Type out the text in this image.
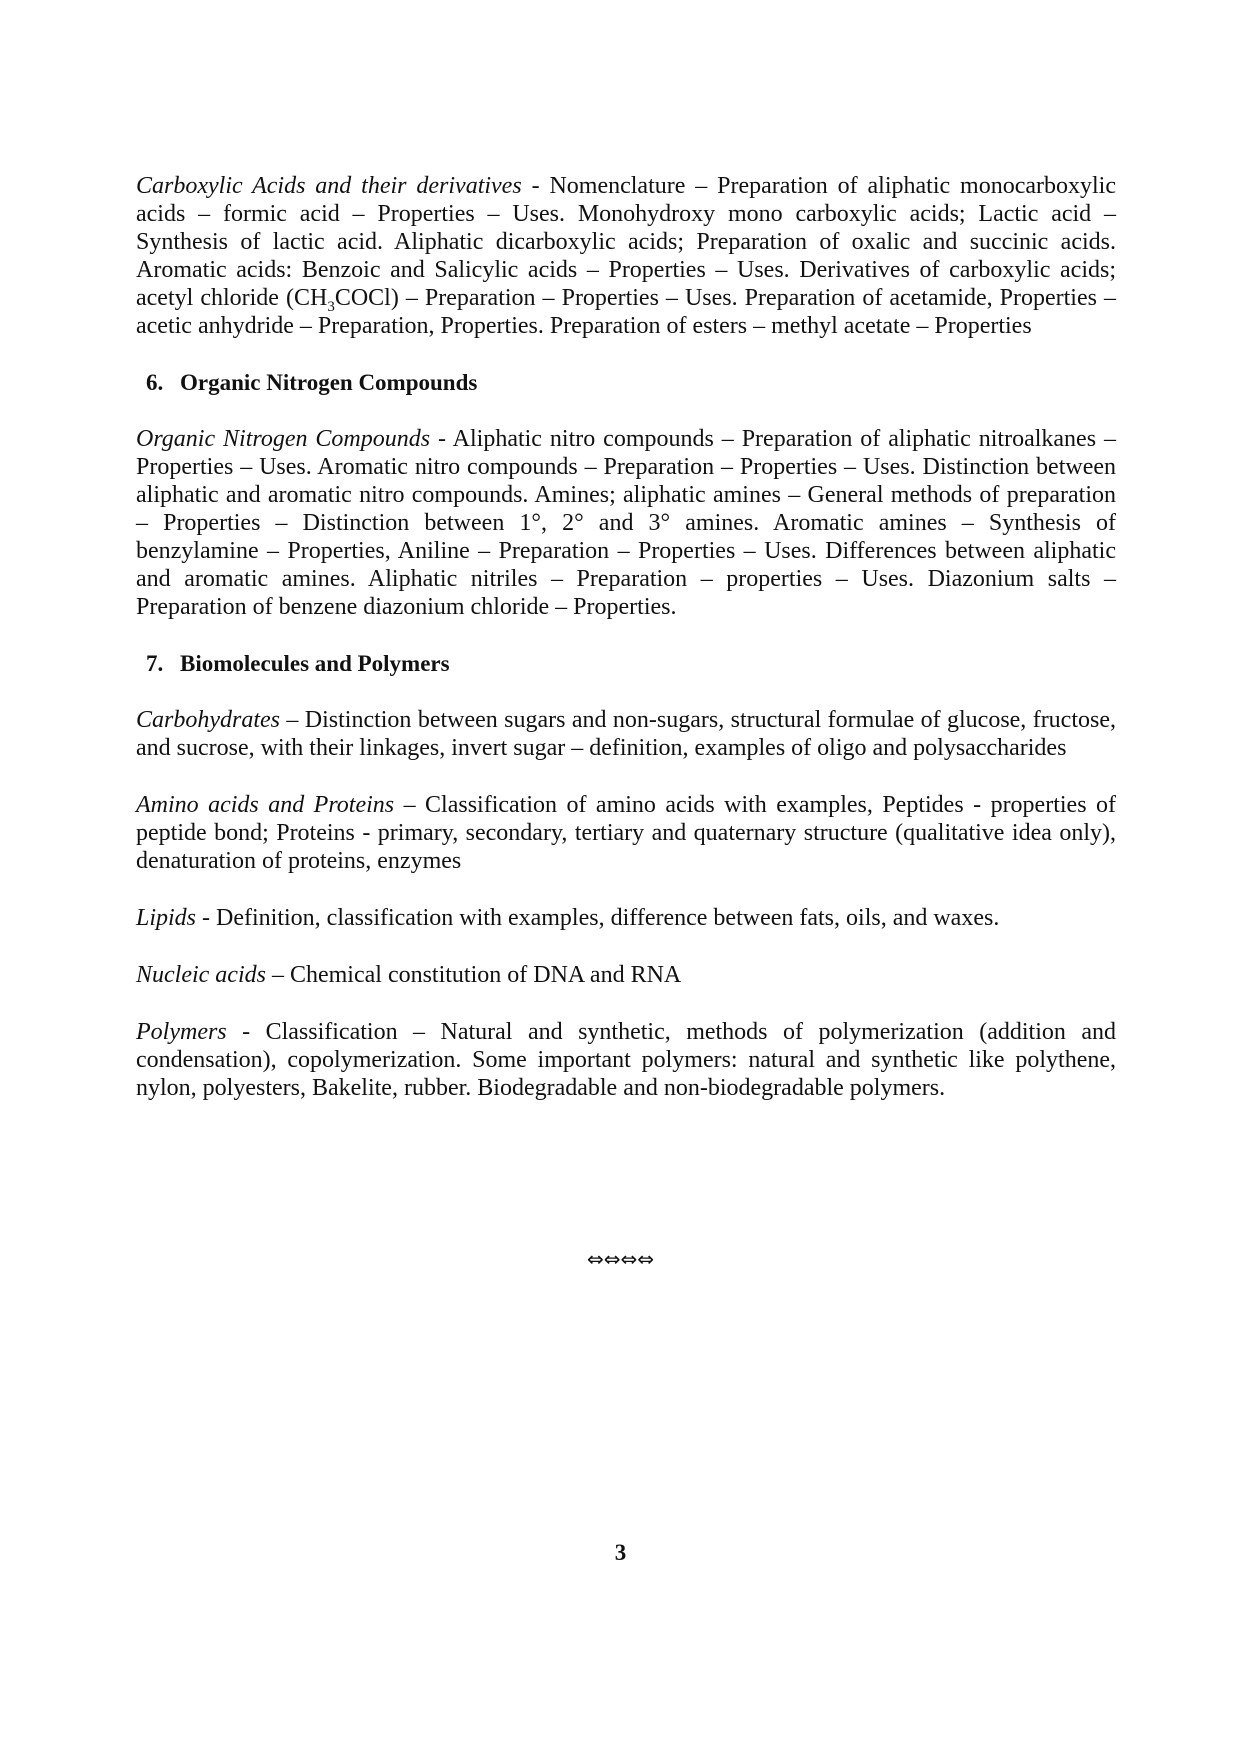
Carboxylic Acids and their derivatives - Nomenclature – Preparation of aliphatic monocarboxylic acids – formic acid – Properties – Uses. Monohydroxy mono carboxylic acids; Lactic acid – Synthesis of lactic acid. Aliphatic dicarboxylic acids; Preparation of oxalic and succinic acids. Aromatic acids: Benzoic and Salicylic acids – Properties – Uses. Derivatives of carboxylic acids; acetyl chloride $(CH_3COCl)$ – Preparation – Properties – Uses. Preparation of acetamide, Properties – acetic anhydride – Preparation, Properties. Preparation of esters – methyl acetate – Properties

6. Organic Nitrogen Compounds

Organic Nitrogen Compounds - Aliphatic nitro compounds – Preparation of aliphatic nitroalkanes – Properties – Uses. Aromatic nitro compounds – Preparation – Properties – Uses. Distinction between aliphatic and aromatic nitro compounds. Amines; aliphatic amines – General methods of preparation – Properties – Distinction between 1°, 2° and 3° amines. Aromatic amines – Synthesis of benzylamine – Properties, Aniline – Preparation – Properties – Uses. Differences between aliphatic and aromatic amines. Aliphatic nitriles – Preparation – properties – Uses. Diazonium salts – Preparation of benzene diazonium chloride – Properties.

7. Biomolecules and Polymers

Carbohydrates – Distinction between sugars and non-sugars, structural formulae of glucose, fructose, and sucrose, with their linkages, invert sugar – definition, examples of oligo and polysaccharides

Amino acids and Proteins – Classification of amino acids with examples, Peptides - properties of peptide bond; Proteins - primary, secondary, tertiary and quaternary structure (qualitative idea only), denaturation of proteins, enzymes

Lipids - Definition, classification with examples, difference between fats, oils, and waxes.

Nucleic acids – Chemical constitution of DNA and RNA

Polymers - Classification – Natural and synthetic, methods of polymerization (addition and condensation), copolymerization. Some important polymers: natural and synthetic like polythene, nylon, polyesters, Bakelite, rubber. Biodegradable and non-biodegradable polymers.

⇔⇔⇔⇔
3
